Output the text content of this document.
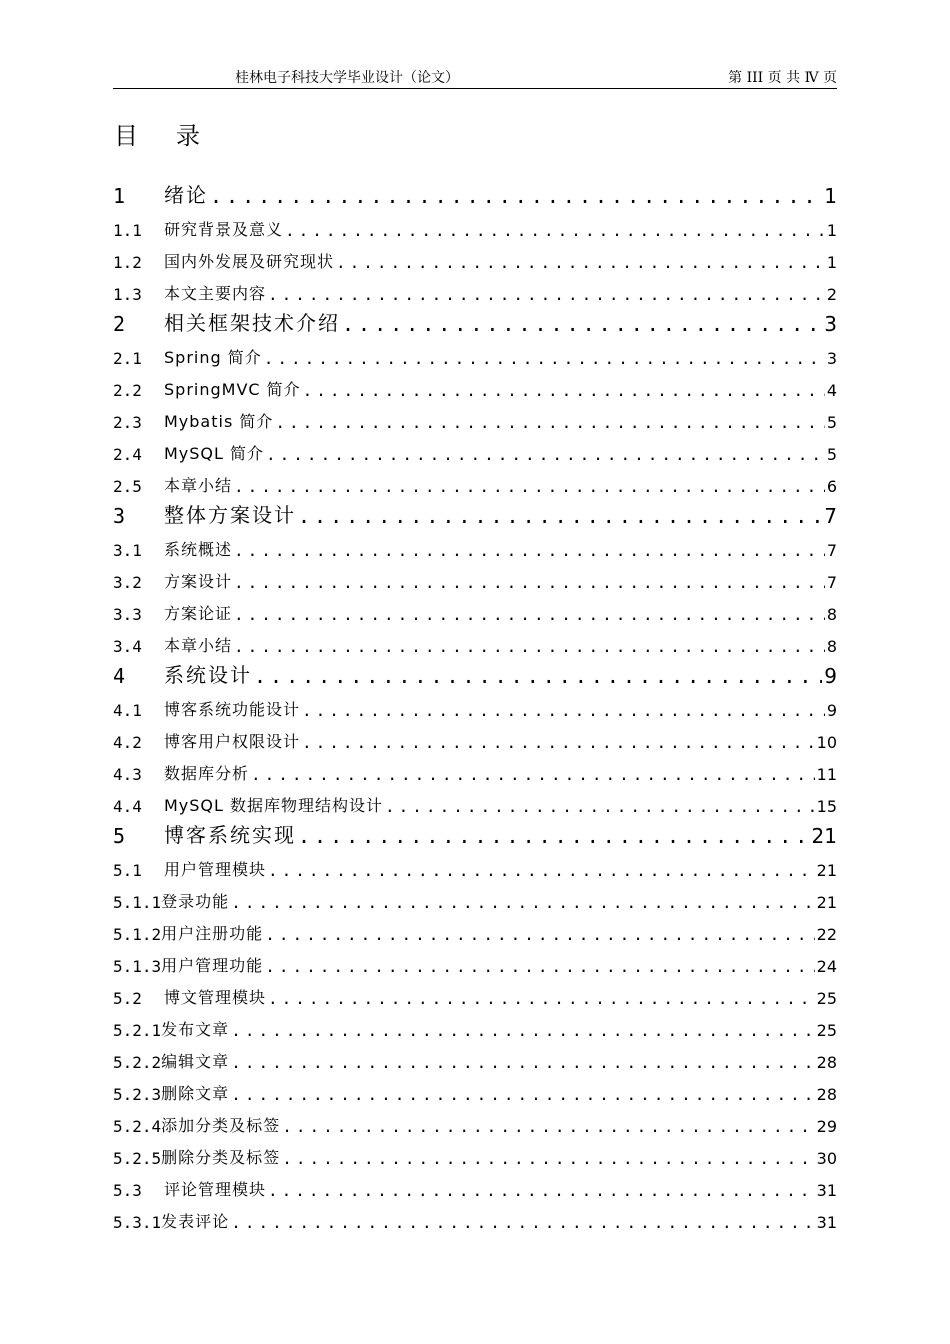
桂林电子科技大学毕业设计（论文）	第 III 页 共 Ⅳ 页
目录
1	绪论 .....	1
1.1	研究背景及意义 .....	1
1.2	国内外发展及研究现状 .....	1
1.3	本文主要内容 .....	2
2	相关框架技术介绍 .....	3
2.1	Spring 简介 .....	3
2.2	SpringMVC 简介 .....	4
2.3	Mybatis 简介 .....	5
2.4	MySQL 简介 .....	5
2.5	本章小结 .....	6
3	整体方案设计 .....	7
3.1	系统概述 .....	7
3.2	方案设计 .....	7
3.3	方案论证 .....	8
3.4	本章小结 .....	8
4	系统设计 .....	9
4.1	博客系统功能设计 .....	9
4.2	博客用户权限设计 .....	10
4.3	数据库分析 .....	11
4.4	MySQL 数据库物理结构设计 .....	15
5	博客系统实现 .....	21
5.1	用户管理模块 .....	21
5.1.1 登录功能 .....	21
5.1.2 用户注册功能 .....	22
5.1.3 用户管理功能 .....	24
5.2	博文管理模块 .....	25
5.2.1 发布文章 .....	25
5.2.2 编辑文章 .....	28
5.2.3 删除文章 .....	28
5.2.4 添加分类及标签 .....	29
5.2.5 删除分类及标签 .....	30
5.3	评论管理模块 .....	31
5.3.1 发表评论 .....	31
